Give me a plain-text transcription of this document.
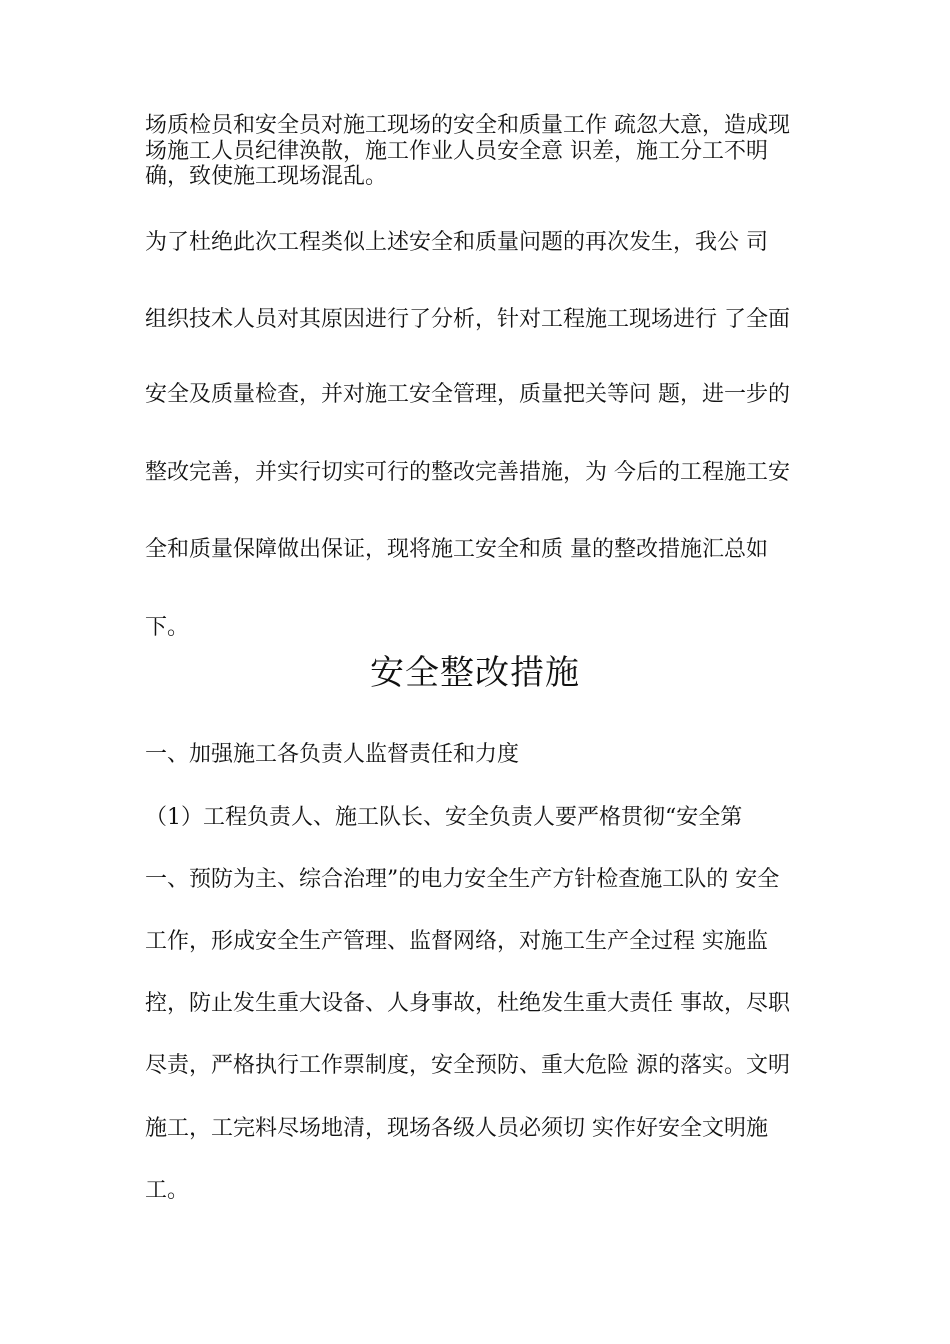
场质检员和安全员对施工现场的安全和质量工作 疏忽大意，造成现
场施工人员纪律涣散，施工作业人员安全意 识差，施工分工不明
确，致使施工现场混乱。
为了杜绝此次工程类似上述安全和质量问题的再次发生，我公 司
组织技术人员对其原因进行了分析，针对工程施工现场进行 了全面
安全及质量检查，并对施工安全管理，质量把关等问 题，进一步的
整改完善，并实行切实可行的整改完善措施，为 今后的工程施工安
全和质量保障做出保证，现将施工安全和质 量的整改措施汇总如
下。
安全整改措施
一、加强施工各负责人监督责任和力度
（1）工程负责人、施工队长、安全负责人要严格贯彻“安全第
一、预防为主、综合治理”的电力安全生产方针检查施工队的 安全
工作，形成安全生产管理、监督网络，对施工生产全过程 实施监
控，防止发生重大设备、人身事故，杜绝发生重大责任 事故，尽职
尽责，严格执行工作票制度，安全预防、重大危险 源的落实。文明
施工，工完料尽场地清，现场各级人员必须切 实作好安全文明施
工。
